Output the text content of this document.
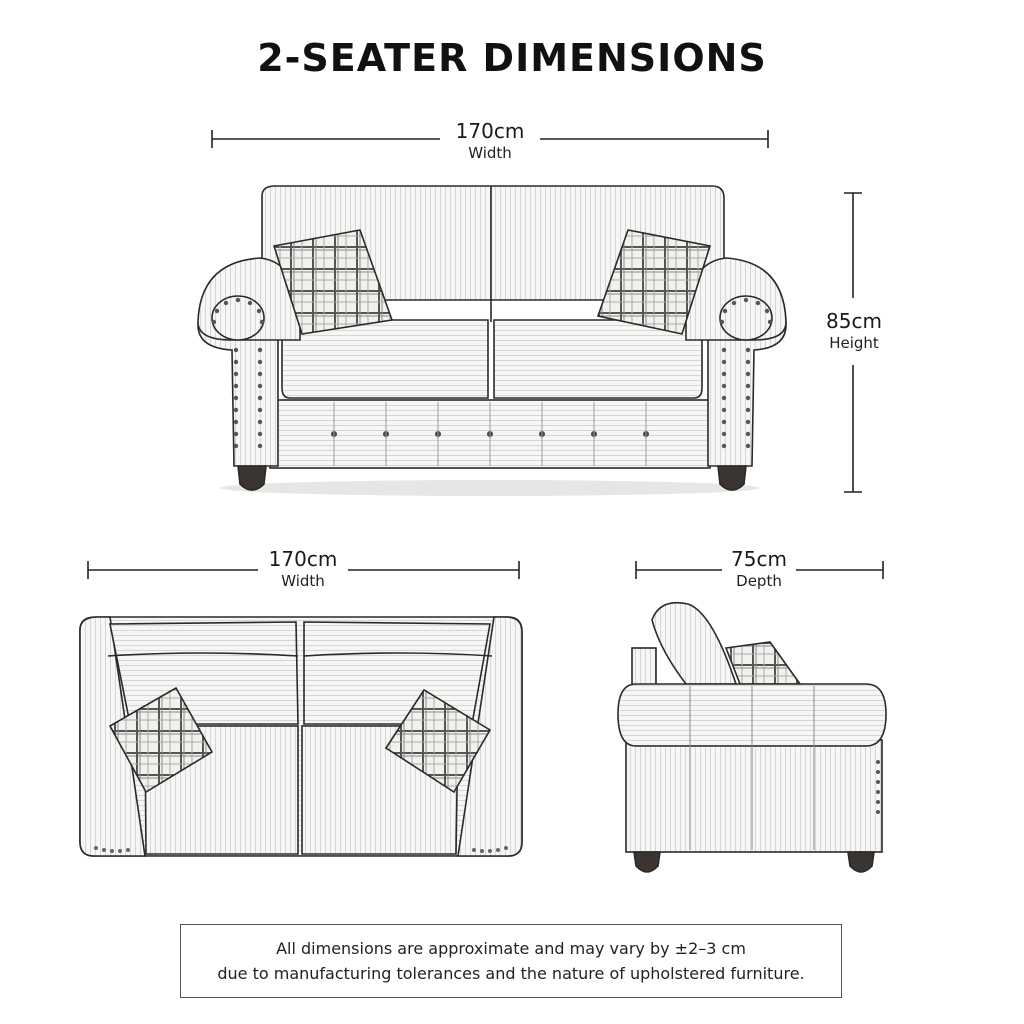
2-SEATER DIMENSIONS
170cm
Width
85cm
Height
170cm
Width
75cm
Depth
All dimensions are approximate and may vary by ±2–3 cm
due to manufacturing tolerances and the nature of upholstered furniture.
